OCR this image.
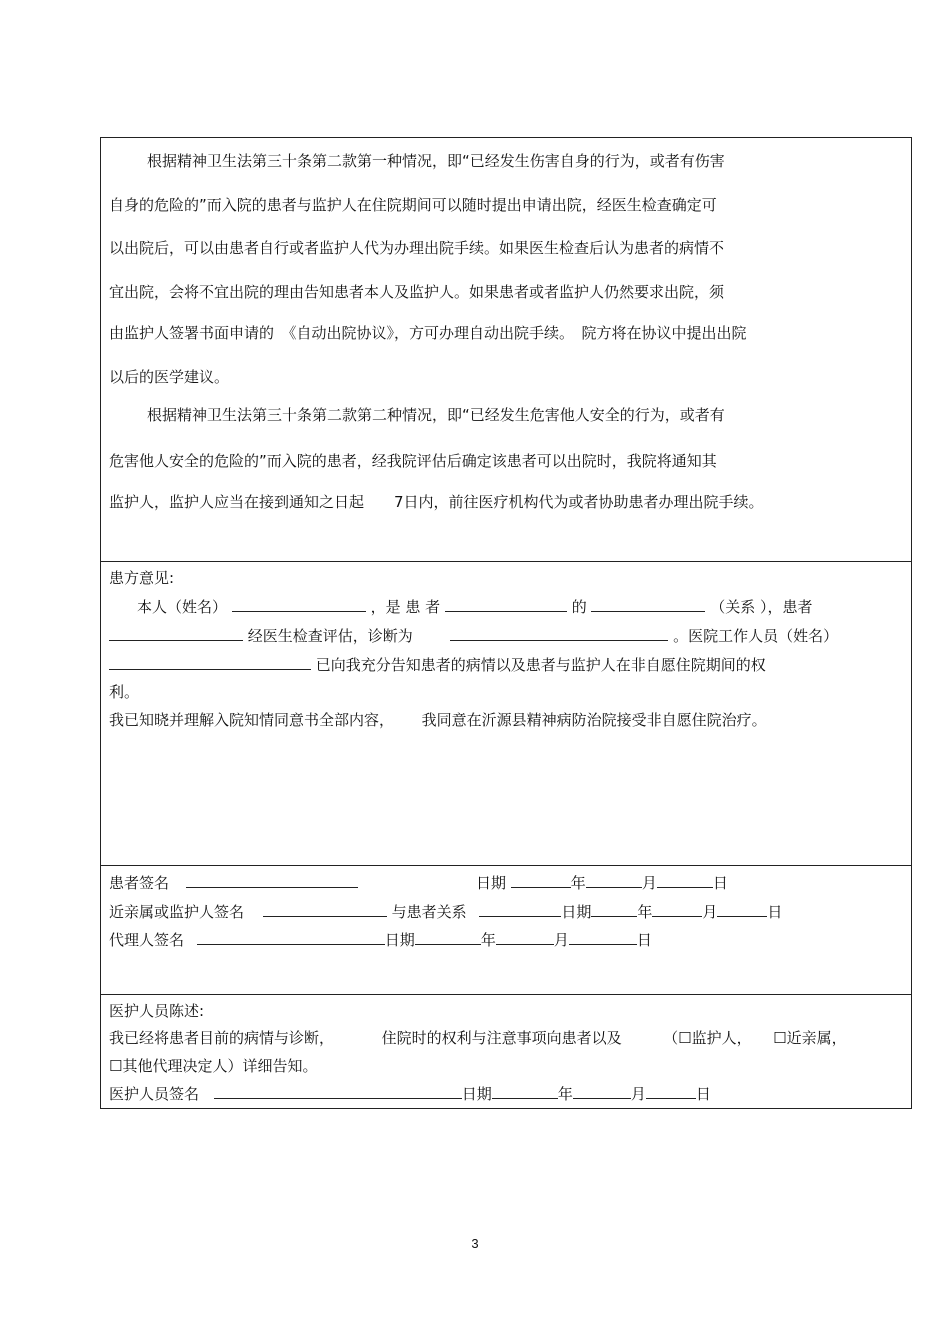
根据精神卫生法第三十条第二款第一种情况，即“已经发生伤害自身的行为，或者有伤害
自身的危险的”而入院的患者与监护人在住院期间可以随时提出申请出院，经医生检查确定可
以出院后，可以由患者自行或者监护人代为办理出院手续。如果医生检查后认为患者的病情不
宜出院，会将不宜出院的理由告知患者本人及监护人。如果患者或者监护人仍然要求出院，须
由监护人签署书面申请的　《自动出院协议》，方可办理自动出院手续。　院方将在协议中提出出院
以后的医学建议。
根据精神卫生法第三十条第二款第二种情况，即“已经发生危害他人安全的行为，或者有
危害他人安全的危险的”而入院的患者，经我院评估后确定该患者可以出院时，我院将通知其
监护人，监护人应当在接到通知之日起　　7日内，前往医疗机构代为或者协助患者办理出院手续。
患方意见:
本人（姓名）	，是 患 者	的	（关系 ），患者
经医生检查评估，诊断为	。医院工作人员（姓名）
已向我充分告知患者的病情以及患者与监护人在非自愿住院期间的权
利。
我已知晓并理解入院知情同意书全部内容， 我同意在沂源县精神病防治院接受非自愿住院治疗。
患者签名	日期	年	月	日
近亲属或监护人签名	与患者关系	日期	年	月	日
代理人签名	日期	年	月	日
医护人员陈述:
我已经将患者目前的病情与诊断，	住院时的权利与注意事项向患者以及	（☐监护人， ☐近亲属，
☐其他代理决定人）详细告知。
医护人员签名	日期	年	月	日
3
